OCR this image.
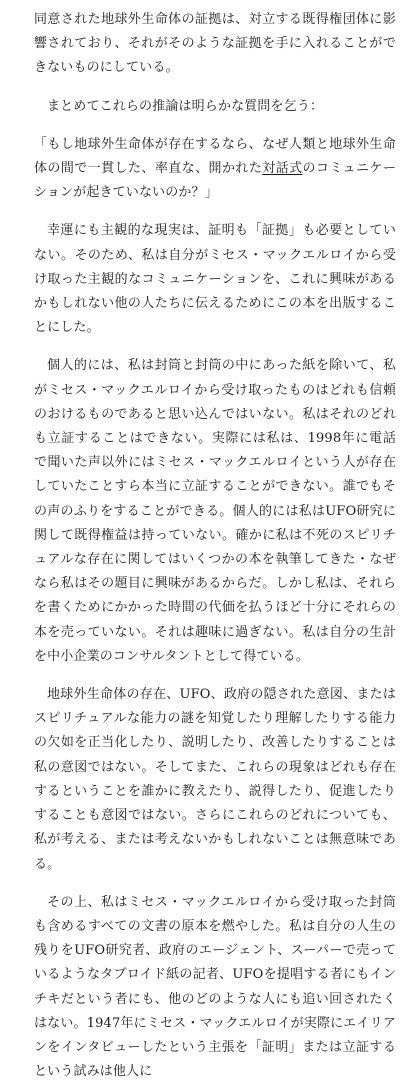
同意された地球外生命体の証拠は、対立する既得権団体に影響されており、それがそのような証拠を手に入れることができないものにしている。

まとめてこれらの推論は明らかな質問を乞う：

「もし地球外生命体が存在するなら、なぜ人類と地球外生命体の間で一貫した、率直な、開かれた対話式のコミュニケーションが起きていないのか？」

幸運にも主観的な現実は、証明も「証拠」も必要としていない。そのため、私は自分がミセス・マックエルロイから受け取った主観的なコミュニケーションを、これに興味があるかもしれない他の人たちに伝えるためにこの本を出版することにした。

個人的には、私は封筒と封筒の中にあった紙を除いて、私がミセス・マックエルロイから受け取ったものはどれも信頼のおけるものであると思い込んではいない。私はそれのどれも立証することはできない。実際には私は、1998年に電話で聞いた声以外にはミセス・マックエルロイという人が存在していたことすら本当に立証することができない。誰でもその声のふりをすることができる。個人的には私はUFO研究に関して既得権益は持っていない。確かに私は不死のスピリチュアルな存在に関してはいくつかの本を執筆してきた・なぜなら私はその題目に興味があるからだ。しかし私は、それらを書くためにかかった時間の代価を払うほど十分にそれらの本を売っていない。それは趣味に過ぎない。私は自分の生計を中小企業のコンサルタントとして得ている。

地球外生命体の存在、UFO、政府の隠された意図、またはスピリチュアルな能力の謎を知覚したり理解したりする能力の欠如を正当化したり、説明したり、改善したりすることは私の意図ではない。そしてまた、これらの現象はどれも存在するということを誰かに教えたり、説得したり、促進したりすることも意図ではない。さらにこれらのどれについても、私が考える、または考えないかもしれないことは無意味である。

その上、私はミセス・マックエルロイから受け取った封筒も含めるすべての文書の原本を燃やした。私は自分の人生の残りをUFO研究者、政府のエージェント、スーパーで売っているようなタブロイド紙の記者、UFOを提唱する者にもインチキだという者にも、他のどのような人にも追い回されたくはない。1947年にミセス・マックエルロイが実際にエイリアンをインタビューしたという主張を「証明」または立証するという試みは他人に
